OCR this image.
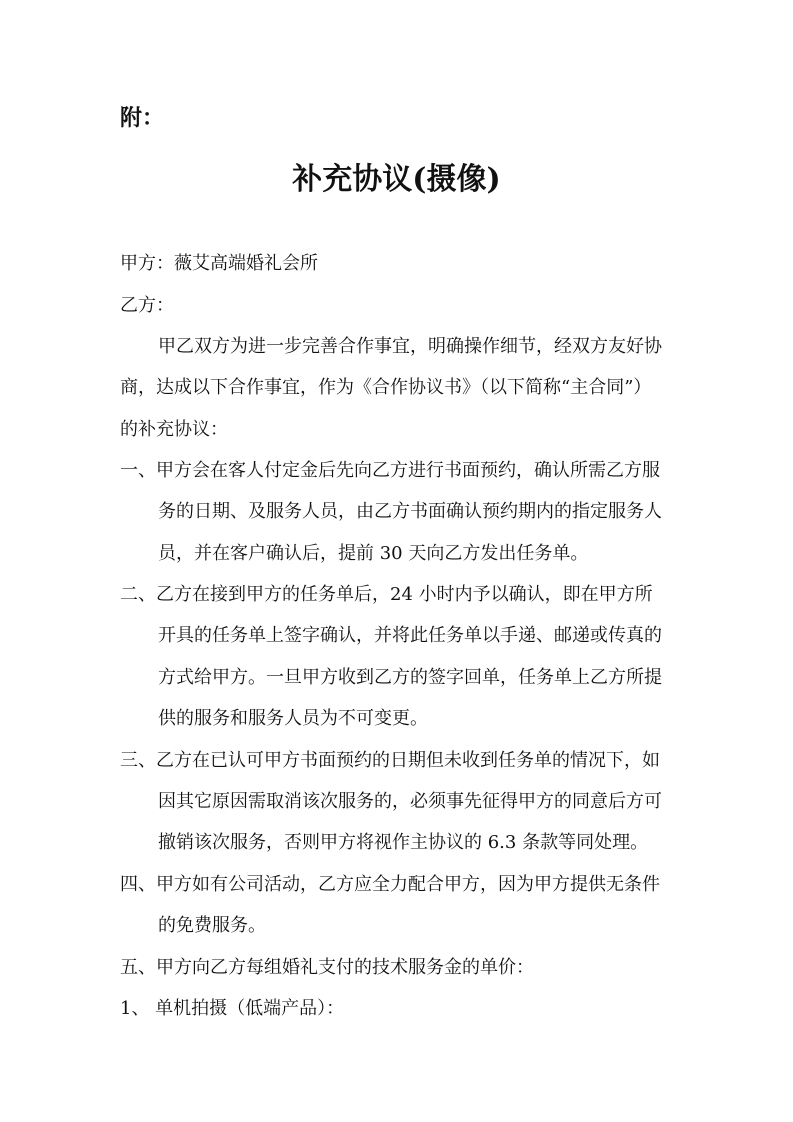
附：
补充协议(摄像)
甲方：薇艾高端婚礼会所
乙方：
甲乙双方为进一步完善合作事宜，明确操作细节，经双方友好协
商，达成以下合作事宜，作为《合作协议书》（以下简称“主合同”）
的补充协议：
一、甲方会在客人付定金后先向乙方进行书面预约，确认所需乙方服
务的日期、及服务人员，由乙方书面确认预约期内的指定服务人
员，并在客户确认后，提前 30 天向乙方发出任务单。
二、乙方在接到甲方的任务单后，24 小时内予以确认，即在甲方所
开具的任务单上签字确认，并将此任务单以手递、邮递或传真的
方式给甲方。一旦甲方收到乙方的签字回单，任务单上乙方所提
供的服务和服务人员为不可变更。
三、乙方在已认可甲方书面预约的日期但未收到任务单的情况下，如
因其它原因需取消该次服务的，必须事先征得甲方的同意后方可
撤销该次服务，否则甲方将视作主协议的 6.3 条款等同处理。
四、甲方如有公司活动，乙方应全力配合甲方，因为甲方提供无条件
的免费服务。
五、甲方向乙方每组婚礼支付的技术服务金的单价：
1、 单机拍摄（低端产品）：
